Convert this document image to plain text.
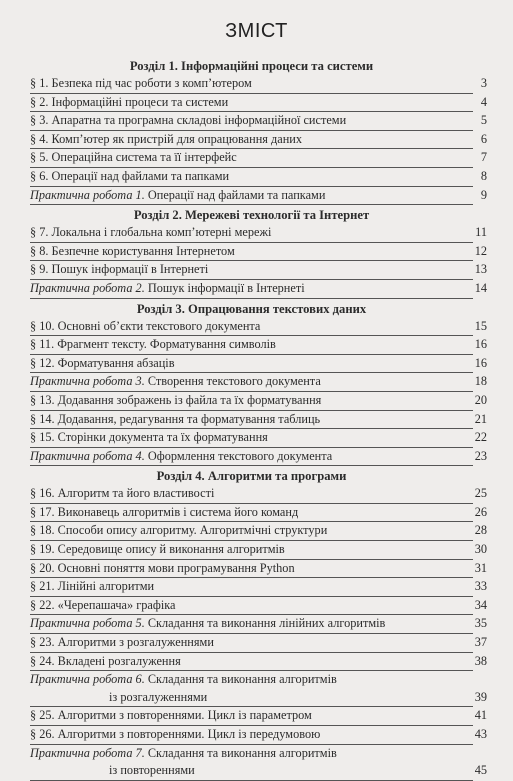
ЗМІСТ
Розділ 1. Інформаційні процеси та системи
§ 1. Безпека під час роботи з комп’ютером	3
§ 2. Інформаційні процеси та системи	4
§ 3. Апаратна та програмна складові інформаційної системи	5
§ 4. Комп’ютер як пристрій для опрацювання даних	6
§ 5. Операційна система та її інтерфейс	7
§ 6. Операції над файлами та папками	8
Практична робота 1. Операції над файлами та папками	9
Розділ 2. Мережеві технології та Інтернет
§ 7. Локальна і глобальна комп’ютерні мережі	11
§ 8. Безпечне користування Інтернетом	12
§ 9. Пошук інформації в Інтернеті	13
Практична робота 2. Пошук інформації в Інтернеті	14
Розділ 3. Опрацювання текстових даних
§ 10. Основні об’єкти текстового документа	15
§ 11. Фрагмент тексту. Форматування символів	16
§ 12. Форматування абзаців	16
Практична робота 3. Створення текстового документа	18
§ 13. Додавання зображень із файла та їх форматування	20
§ 14. Додавання, редагування та форматування таблиць	21
§ 15. Сторінки документа та їх форматування	22
Практична робота 4. Оформлення текстового документа	23
Розділ 4. Алгоритми та програми
§ 16. Алгоритм та його властивості	25
§ 17. Виконавець алгоритмів і система його команд	26
§ 18. Способи опису алгоритму. Алгоритмічні структури	28
§ 19. Середовище опису й виконання алгоритмів	30
§ 20. Основні поняття мови програмування Python	31
§ 21. Лінійні алгоритми	33
§ 22. «Черепашача» графіка	34
Практична робота 5. Складання та виконання лінійних алгоритмів	35
§ 23. Алгоритми з розгалуженнями	37
§ 24. Вкладені розгалуження	38
Практична робота 6. Складання та виконання алгоритмів
із розгалуженнями	39
§ 25. Алгоритми з повтореннями. Цикл із параметром	41
§ 26. Алгоритми з повтореннями. Цикл із передумовою	43
Практична робота 7. Складання та виконання алгоритмів
із повтореннями	45
